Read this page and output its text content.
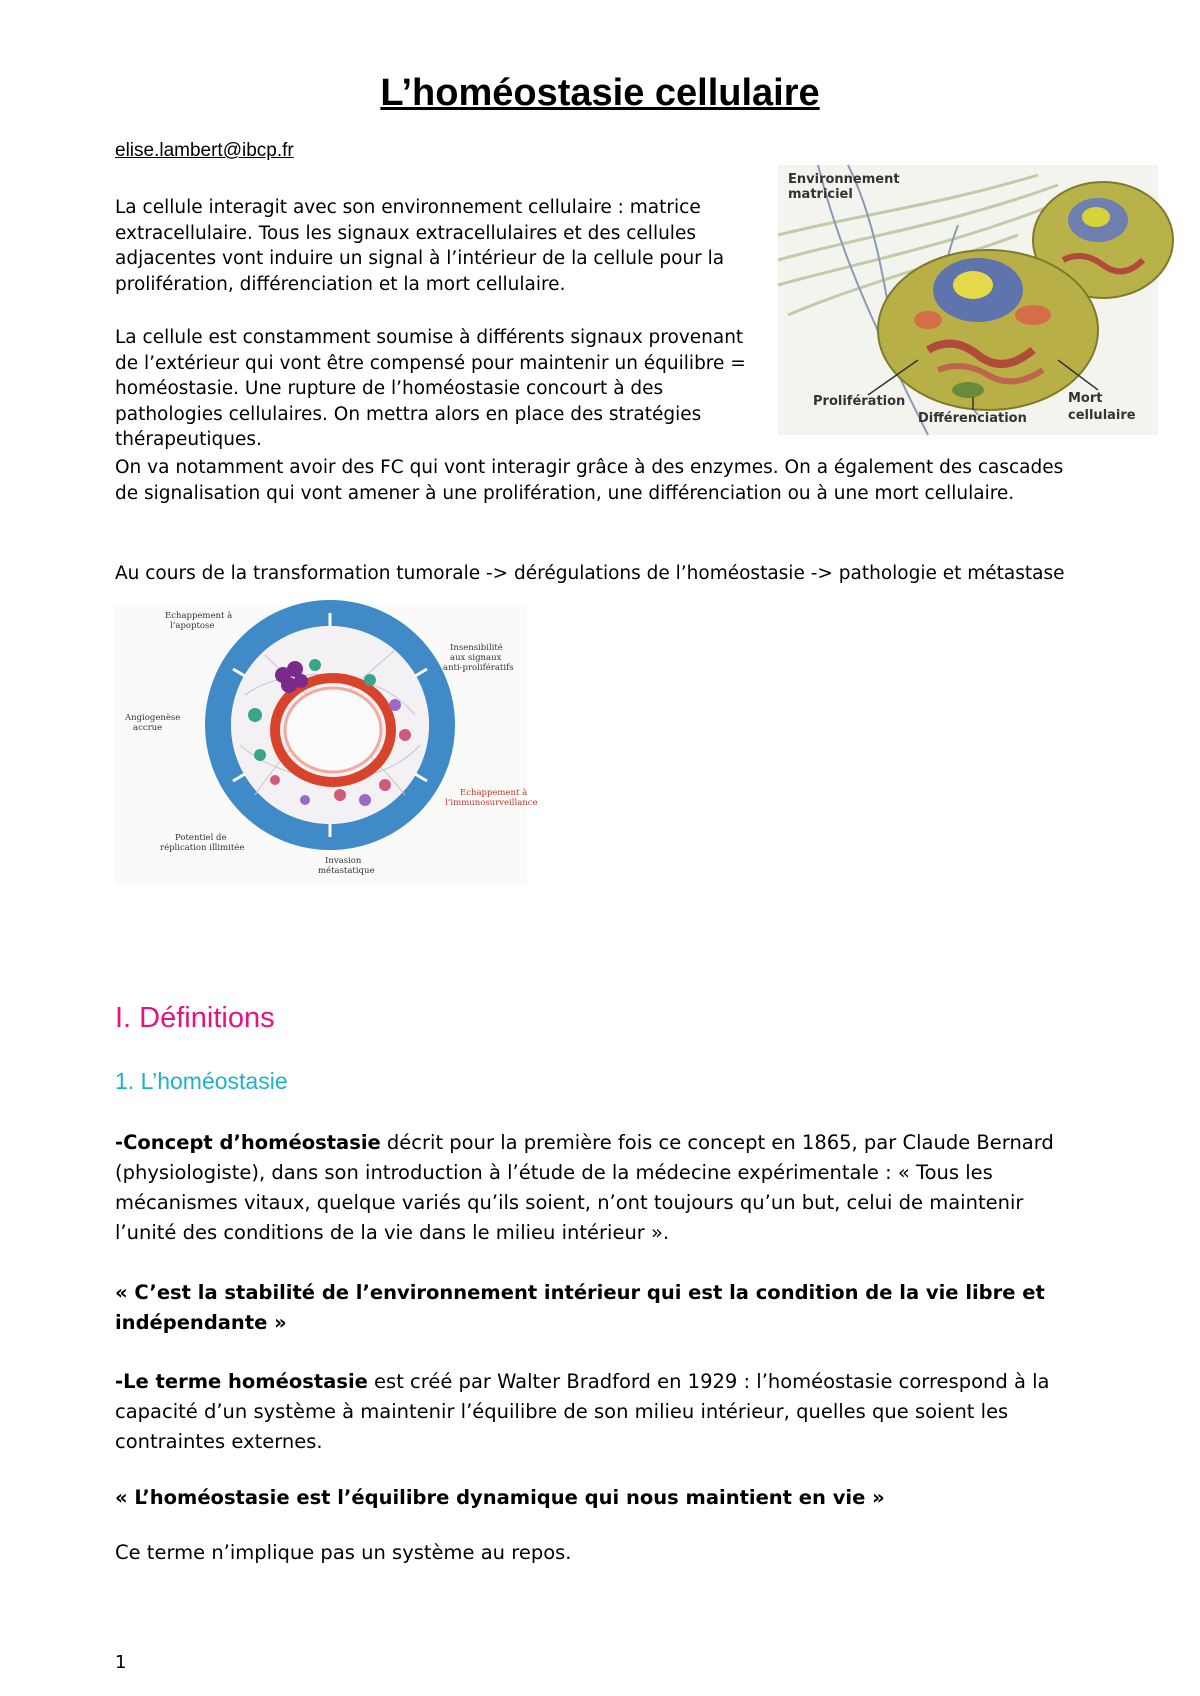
L’homéostasie cellulaire
elise.lambert@ibcp.fr
La cellule interagit avec son environnement cellulaire : matrice extracellulaire. Tous les signaux extracellulaires et des cellules adjacentes vont induire un signal à l’intérieur de la cellule pour la prolifération, différenciation et la mort cellulaire.
La cellule est constamment soumise à différents signaux provenant de l’extérieur qui vont être compensé pour maintenir un équilibre = homéostasie. Une rupture de l’homéostasie concourt à des pathologies cellulaires. On mettra alors en place des stratégies thérapeutiques.
On va notamment avoir des FC qui vont interagir grâce à des enzymes. On a également des cascades de signalisation qui vont amener à une prolifération, une différenciation ou à une mort cellulaire.
Au cours de la transformation tumorale -> dérégulations de l’homéostasie -> pathologie et métastase
Environnement
matriciel
Prolifération
Différenciation
Mort
cellulaire
Echappement à
l’apoptose
Insensibilité
aux signaux
anti-prolifératifs
Angiogenèse
accrue
Echappement à
l’immunosurveillance
Potentiel de
réplication illimitée
Invasion
métastatique
I. Définitions
1. L’homéostasie
-Concept d’homéostasie décrit pour la première fois ce concept en 1865, par Claude Bernard (physiologiste), dans son introduction à l’étude de la médecine expérimentale : « Tous les mécanismes vitaux, quelque variés qu’ils soient, n’ont toujours qu’un but, celui de maintenir l’unité des conditions de la vie dans le milieu intérieur ».
« C’est la stabilité de l’environnement intérieur qui est la condition de la vie libre et indépendante »
-Le terme homéostasie est créé par Walter Bradford en 1929 : l’homéostasie correspond à la capacité d’un système à maintenir l’équilibre de son milieu intérieur, quelles que soient les contraintes externes.
« L’homéostasie est l’équilibre dynamique qui nous maintient en vie »
Ce terme n’implique pas un système au repos.
1
